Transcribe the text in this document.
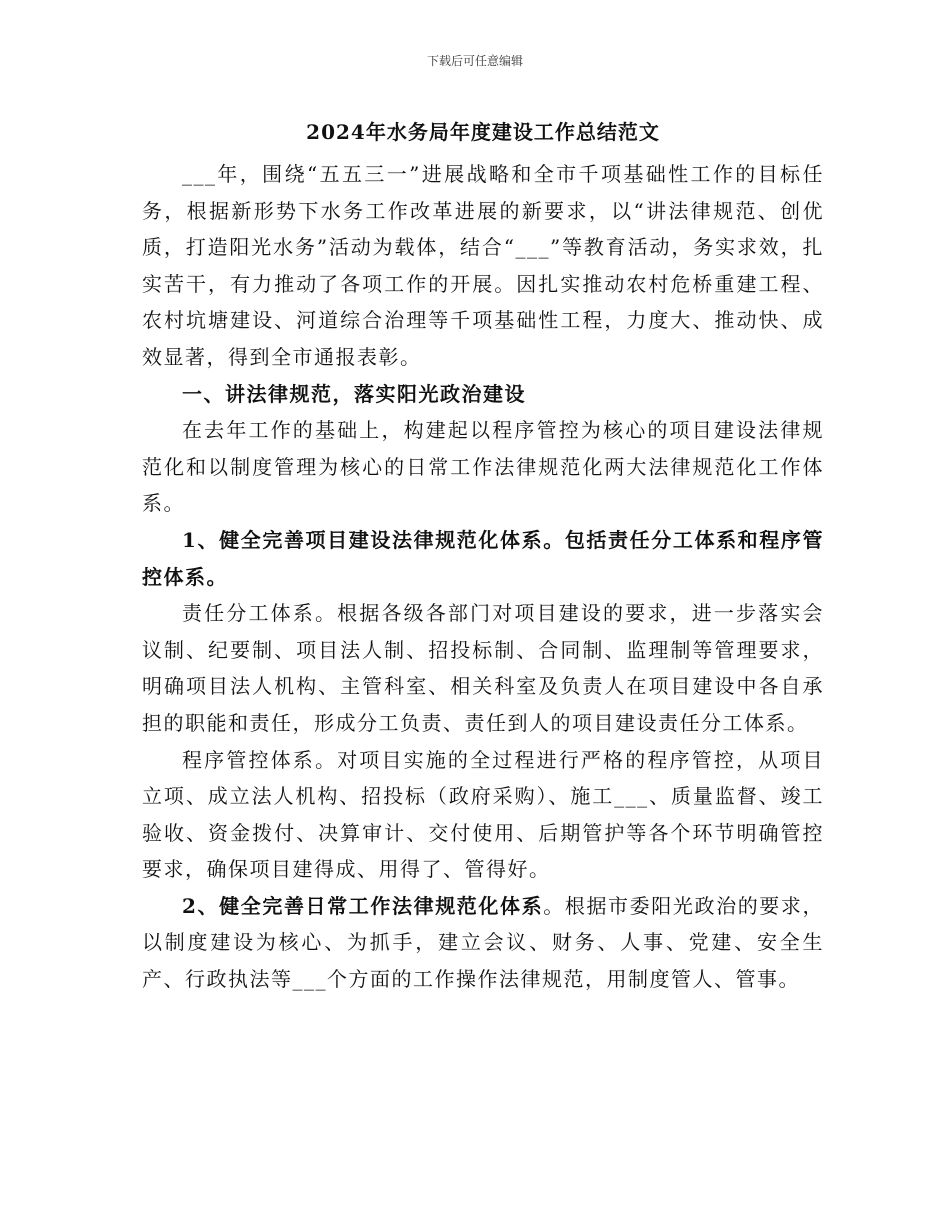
下载后可任意编辑
2024年水务局年度建设工作总结范文

___年，围绕“五五三一”进展战略和全市千项基础性工作的目标任务，根据新形势下水务工作改革进展的新要求，以“讲法律规范、创优质，打造阳光水务”活动为载体，结合“___”等教育活动，务实求效，扎实苦干，有力推动了各项工作的开展。因扎实推动农村危桥重建工程、农村坑塘建设、河道综合治理等千项基础性工程，力度大、推动快、成效显著，得到全市通报表彰。

一、讲法律规范，落实阳光政治建设

在去年工作的基础上，构建起以程序管控为核心的项目建设法律规范化和以制度管理为核心的日常工作法律规范化两大法律规范化工作体系。

1、健全完善项目建设法律规范化体系。包括责任分工体系和程序管控体系。

责任分工体系。根据各级各部门对项目建设的要求，进一步落实会议制、纪要制、项目法人制、招投标制、合同制、监理制等管理要求，明确项目法人机构、主管科室、相关科室及负责人在项目建设中各自承担的职能和责任，形成分工负责、责任到人的项目建设责任分工体系。

程序管控体系。对项目实施的全过程进行严格的程序管控，从项目立项、成立法人机构、招投标（政府采购）、施工___、质量监督、竣工验收、资金拨付、决算审计、交付使用、后期管护等各个环节明确管控要求，确保项目建得成、用得了、管得好。

2、健全完善日常工作法律规范化体系。根据市委阳光政治的要求，以制度建设为核心、为抓手，建立会议、财务、人事、党建、安全生产、行政执法等___个方面的工作操作法律规范，用制度管人、管事。
